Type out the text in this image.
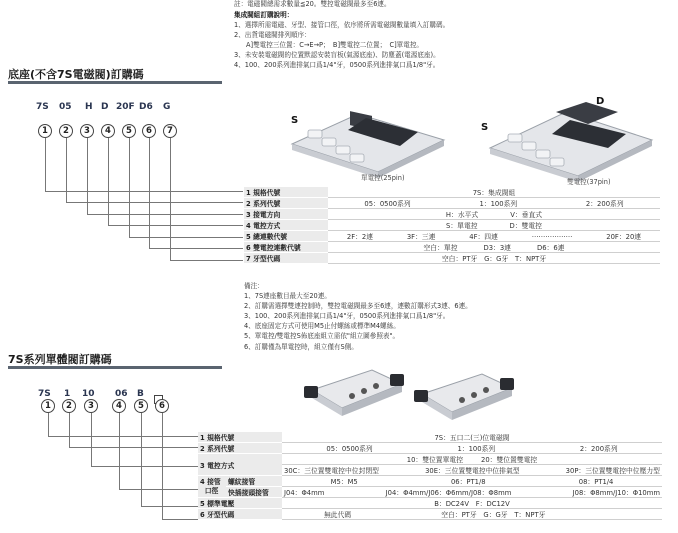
註：電磁閥總需求數量≦20。雙控電磁閥最多至6連。
集成閥組訂購說明：
1、選擇所需電磁、牙型、接管口徑，依序將所需電磁閥數量填入訂購碼。
2、出貨電磁閥排列順序：
A]雙電控三位置：C→E→P；　B]雙電控二位置；　C]單電控。
3、未安裝電磁閥的位置默認安裝盲板(氣源底座)、防塵蓋(電源底座)。
4、100、200系列進排氣口爲1/4"牙，0500系列進排氣口爲1/8"牙。
底座(不含7S電磁閥)訂購碼
7S 05 H D 20F D6 G
1	2	3	4	5	6	7
S
單電控(25pin)
D
S
雙電控(37pin)
1 規格代號	7S：集成閥組

2 系列代號	05：0500系列 1：100系列 2：200系列

3 接電方向	H：水平式 V：垂直式

4 電控方式	S：單電控 D：雙電控

5 總連數代號	2F：2連 3F：三連 4F：四連 ……………… 20F：20連

6 雙電控連數代號	空白：單控 D3：3連 D6：6連

7 牙型代碼	空白：PT牙　G：G牙　T：NPT牙
備注：
1、7S連座數目最大至20連。
2、訂購需選擇雙連控制時，雙控電磁閥最多至6連，連數訂購形式3連、6連。
3、100、200系列進排氣口爲1/4"牙，0500系列進排氣口爲1/8"牙。
4、底座固定方式可使用M5止付螺絲或標準M4螺絲。
5、單電控/雙電控S佈底座組立需依"組立圖參照表"。
6、訂購僅為單電控時，組立僅有S側。
7S系列單體閥訂購碼
7S 1 10 06 B
1	2	3	4	5	6
1 規格代號		7S：五口二(三)位電磁閥

2 系列代號		05：0500系列 1：100系列 2：200系列

3 電控方式		10：雙位置單電控 20：雙位置雙電控

		30C：三位置雙電控中位封閉型 30E：三位置雙電控中位排氣型 30P：三位置雙電控中位壓力型

4 接管
口徑	螺紋接管	M5：M5 06：PT1/8 08：PT1/4

	快插接頭接管	J04：Φ4mm J04：Φ4mm/J06：Φ6mm/J08：Φ8mm J08：Φ8mm/J10：Φ10mm

5 標準電壓		B：DC24V　F：DC12V

6 牙型代碼		無此代碼 空白：PT牙　G：G牙　T：NPT牙
